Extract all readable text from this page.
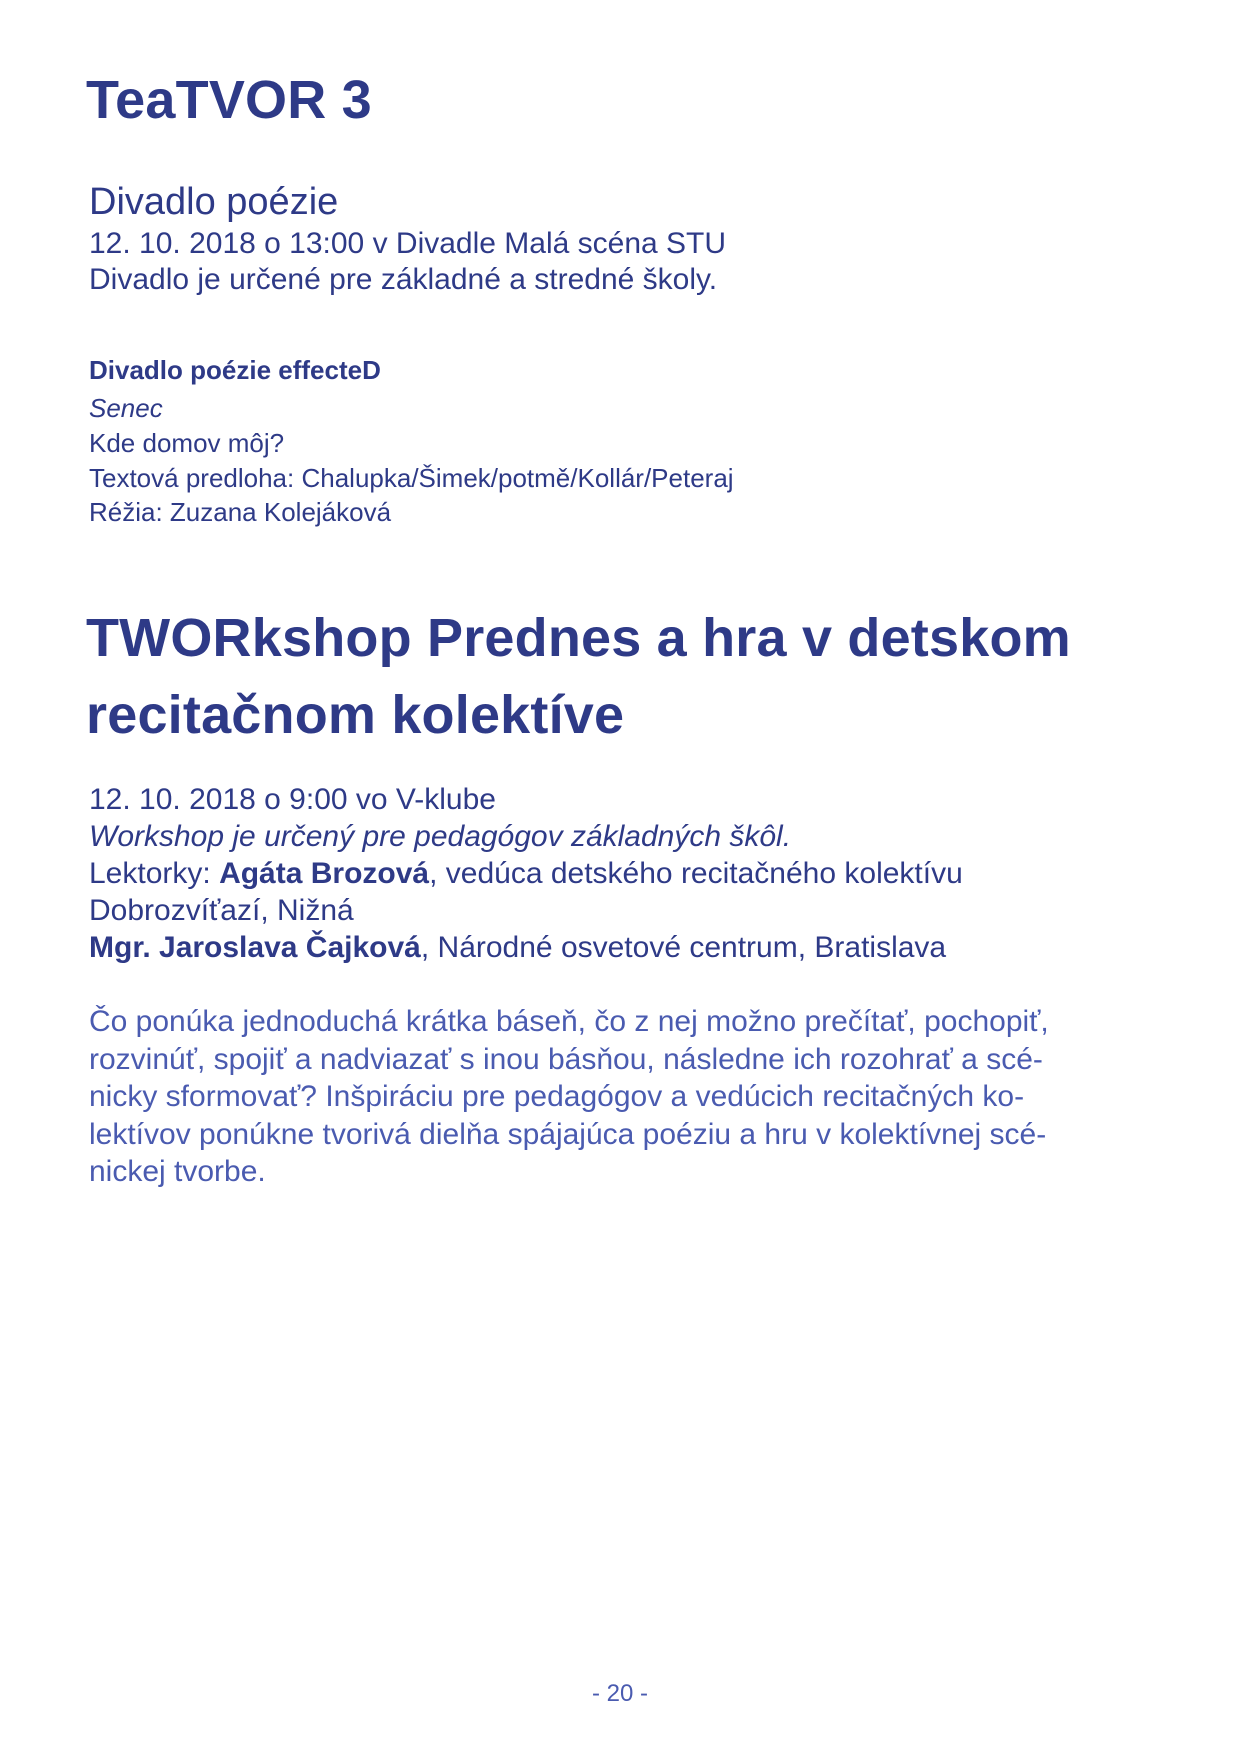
TeaTVOR 3
Divadlo poézie
12. 10. 2018 o 13:00 v Divadle Malá scéna STU
Divadlo je určené pre základné a stredné školy.
Divadlo poézie effecteD
Senec
Kde domov môj?
Textová predloha: Chalupka/Šimek/potmě/Kollár/Peteraj
Réžia: Zuzana Kolejáková
TWORkshop Prednes a hra v detskom
recitačnom kolektíve
12. 10. 2018 o 9:00 vo V-klube
Workshop je určený pre pedagógov základných škôl.
Lektorky: Agáta Brozová, vedúca detského recitačného kolektívu
Dobrozvíťazí, Nižná
Mgr. Jaroslava Čajková, Národné osvetové centrum, Bratislava
Čo ponúka jednoduchá krátka báseň, čo z nej možno prečítať, pochopiť,
rozvinúť, spojiť a nadviazať s inou básňou, následne ich rozohrať a scé-
nicky sformovať? Inšpiráciu pre pedagógov a vedúcich recitačných ko-
lektívov ponúkne tvorivá dielňa spájajúca poéziu a hru v kolektívnej scé-
nickej tvorbe.
- 20 -
